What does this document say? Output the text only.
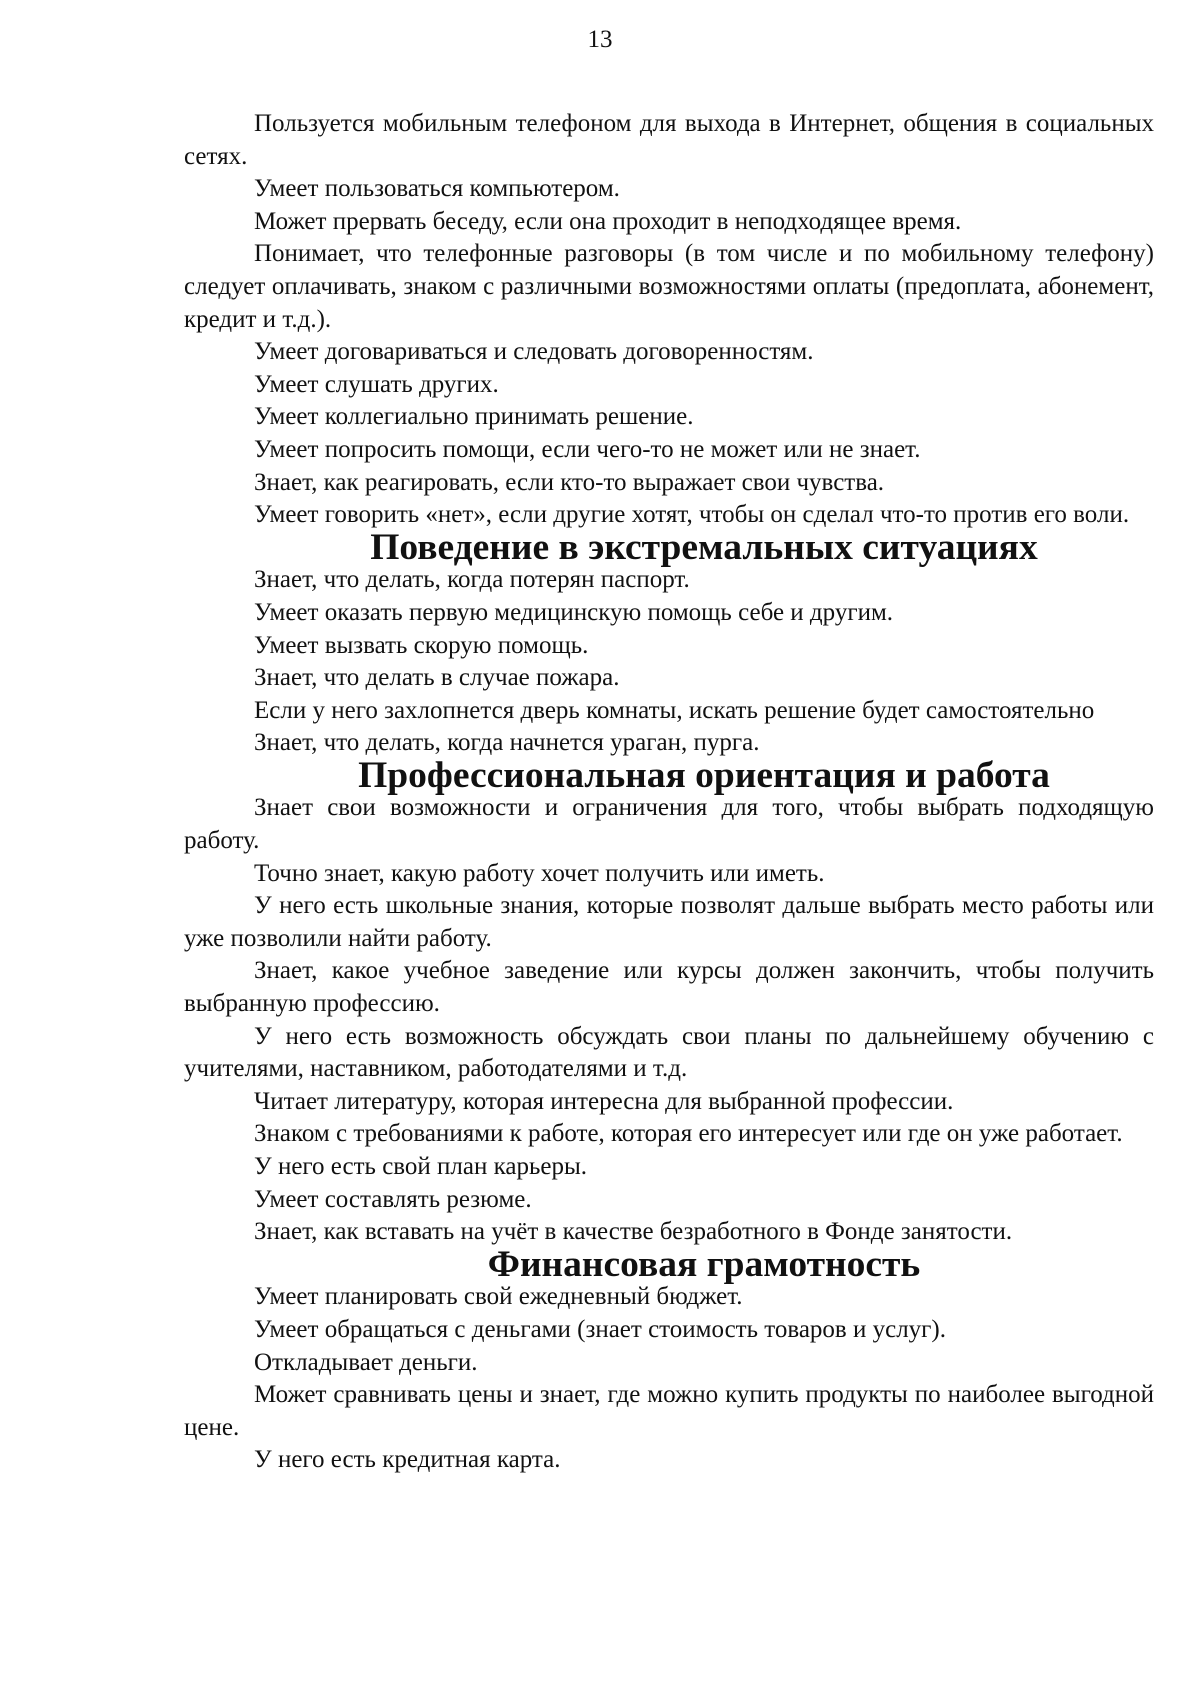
13

Пользуется мобильным телефоном для выхода в Интернет, общения в социальных сетях.

Умеет пользоваться компьютером.

Может прервать беседу, если она проходит в неподходящее время.

Понимает, что телефонные разговоры (в том числе и по мобильному телефону) следует оплачивать, знаком с различными возможностями оплаты (предоплата, абонемент, кредит и т.д.).

Умеет договариваться и следовать договоренностям.

Умеет слушать других.

Умеет коллегиально принимать решение.

Умеет попросить помощи, если чего-то не может или не знает.

Знает, как реагировать, если кто-то выражает свои чувства.

Умеет говорить «нет», если другие хотят, чтобы он сделал что-то против его воли.

Поведение в экстремальных ситуациях

Знает, что делать, когда потерян паспорт.

Умеет оказать первую медицинскую помощь себе и другим.

Умеет вызвать скорую помощь.

Знает, что делать в случае пожара.

Если у него захлопнется дверь комнаты, искать решение будет самостоятельно

Знает, что делать, когда начнется ураган, пурга.

Профессиональная ориентация и работа

Знает свои возможности и ограничения для того, чтобы выбрать подходящую работу.

Точно знает, какую работу хочет получить или иметь.

У него есть школьные знания, которые позволят дальше выбрать место работы или уже позволили найти работу.

Знает, какое учебное заведение или курсы должен закончить, чтобы получить выбранную профессию.

У него есть возможность обсуждать свои планы по дальнейшему обучению с учителями, наставником, работодателями и т.д.

Читает литературу, которая интересна для выбранной профессии.

Знаком с требованиями к работе, которая его интересует или где он уже работает.

У него есть свой план карьеры.

Умеет составлять резюме.

Знает, как вставать на учёт в качестве безработного в Фонде занятости.

Финансовая грамотность

Умеет планировать свой ежедневный бюджет.

Умеет обращаться с деньгами (знает стоимость товаров и услуг).

Откладывает деньги.

Может сравнивать цены и знает, где можно купить продукты по наиболее выгодной цене.

У него есть кредитная карта.
